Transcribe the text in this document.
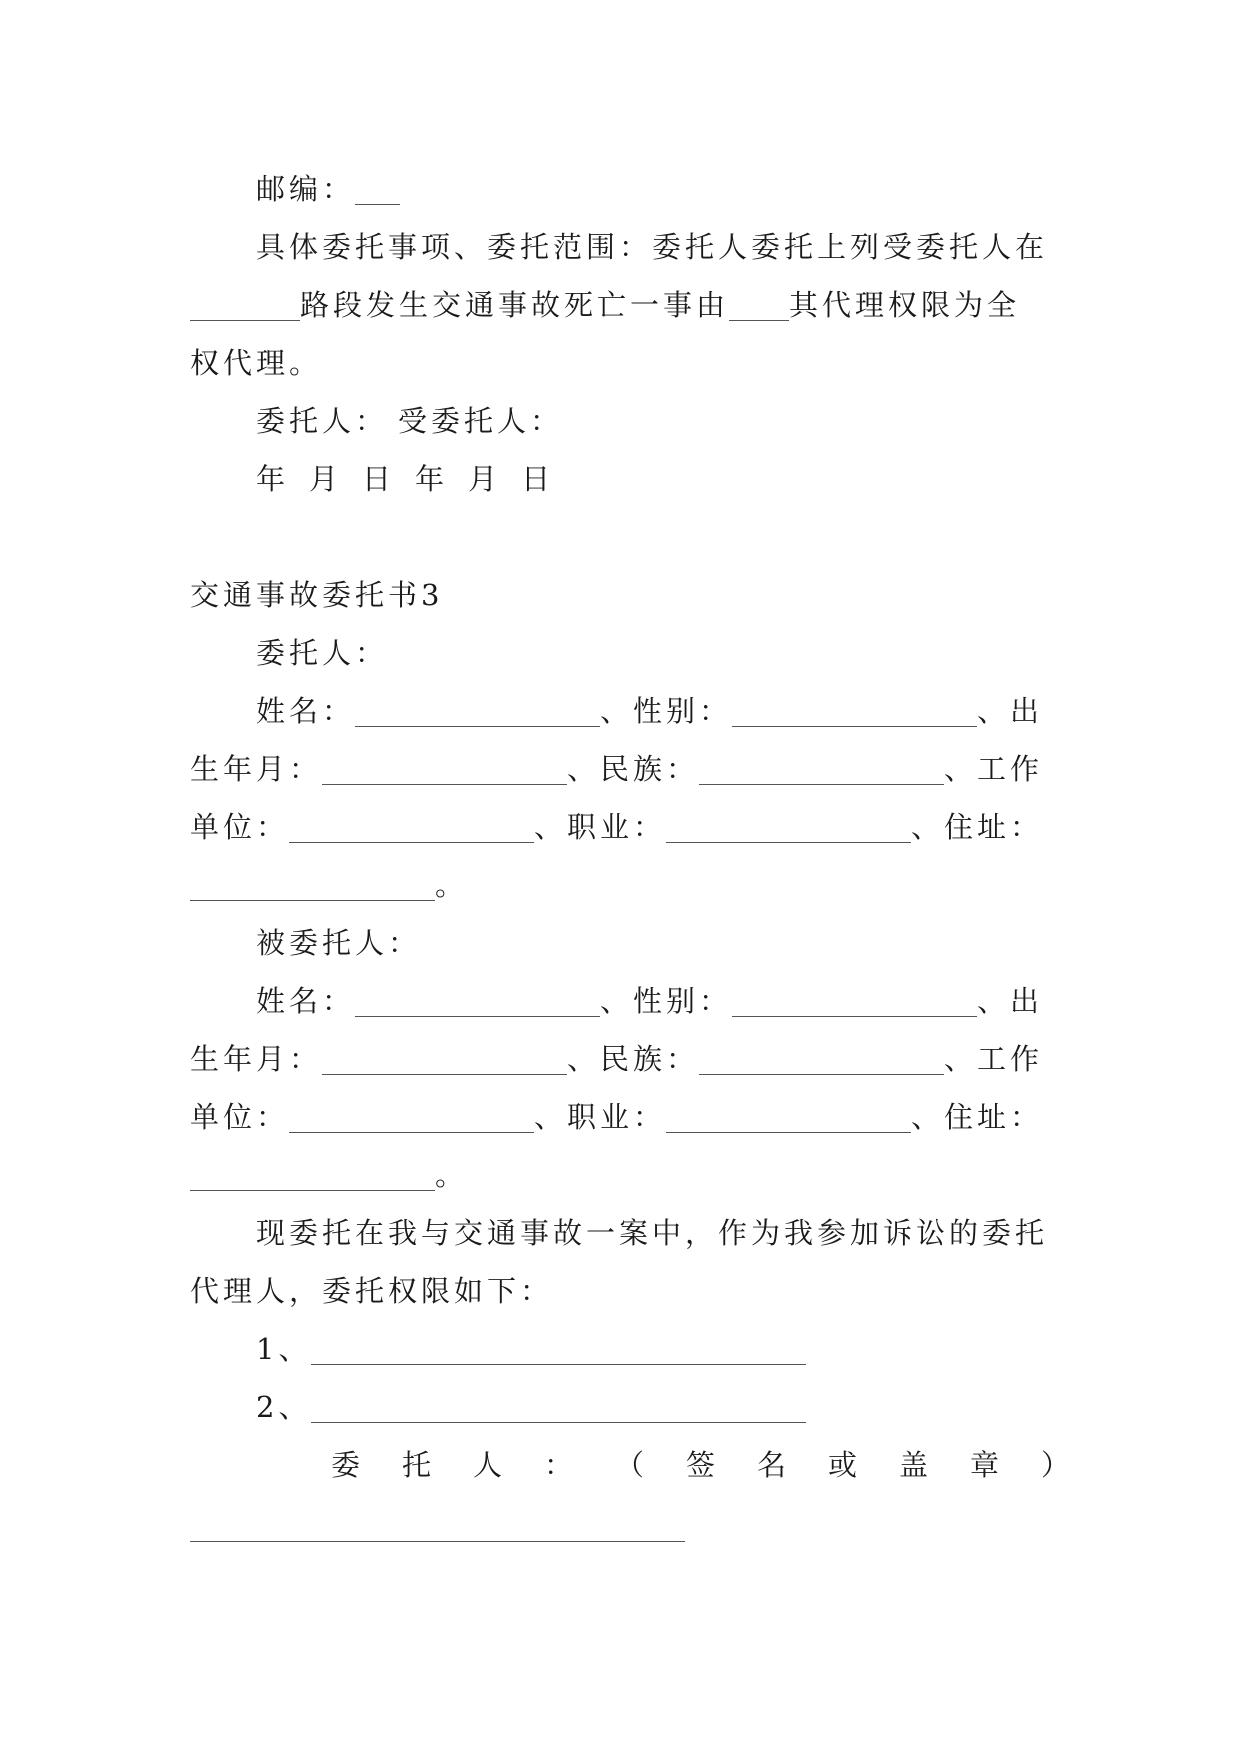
邮编：
具体委托事项、委托范围：委托人委托上列受委托人在
路段发生交通事故死亡一事由 其代理权限为全
权代理。
委托人： 受委托人：
年 月 日 年 月 日
交通事故委托书3
委托人：
姓名：	、性别：	、出
生年月：	、民族：	、工作
单位：	、职业：	、住址：
。
被委托人：
姓名：	、性别：	、出
生年月：	、民族：	、工作
单位：	、职业：	、住址：
。
现委托在我与交通事故一案中，作为我参加诉讼的委托
代理人，委托权限如下：
1、
2、
委 托 人 ： （ 签 名 或 盖 章 ）
